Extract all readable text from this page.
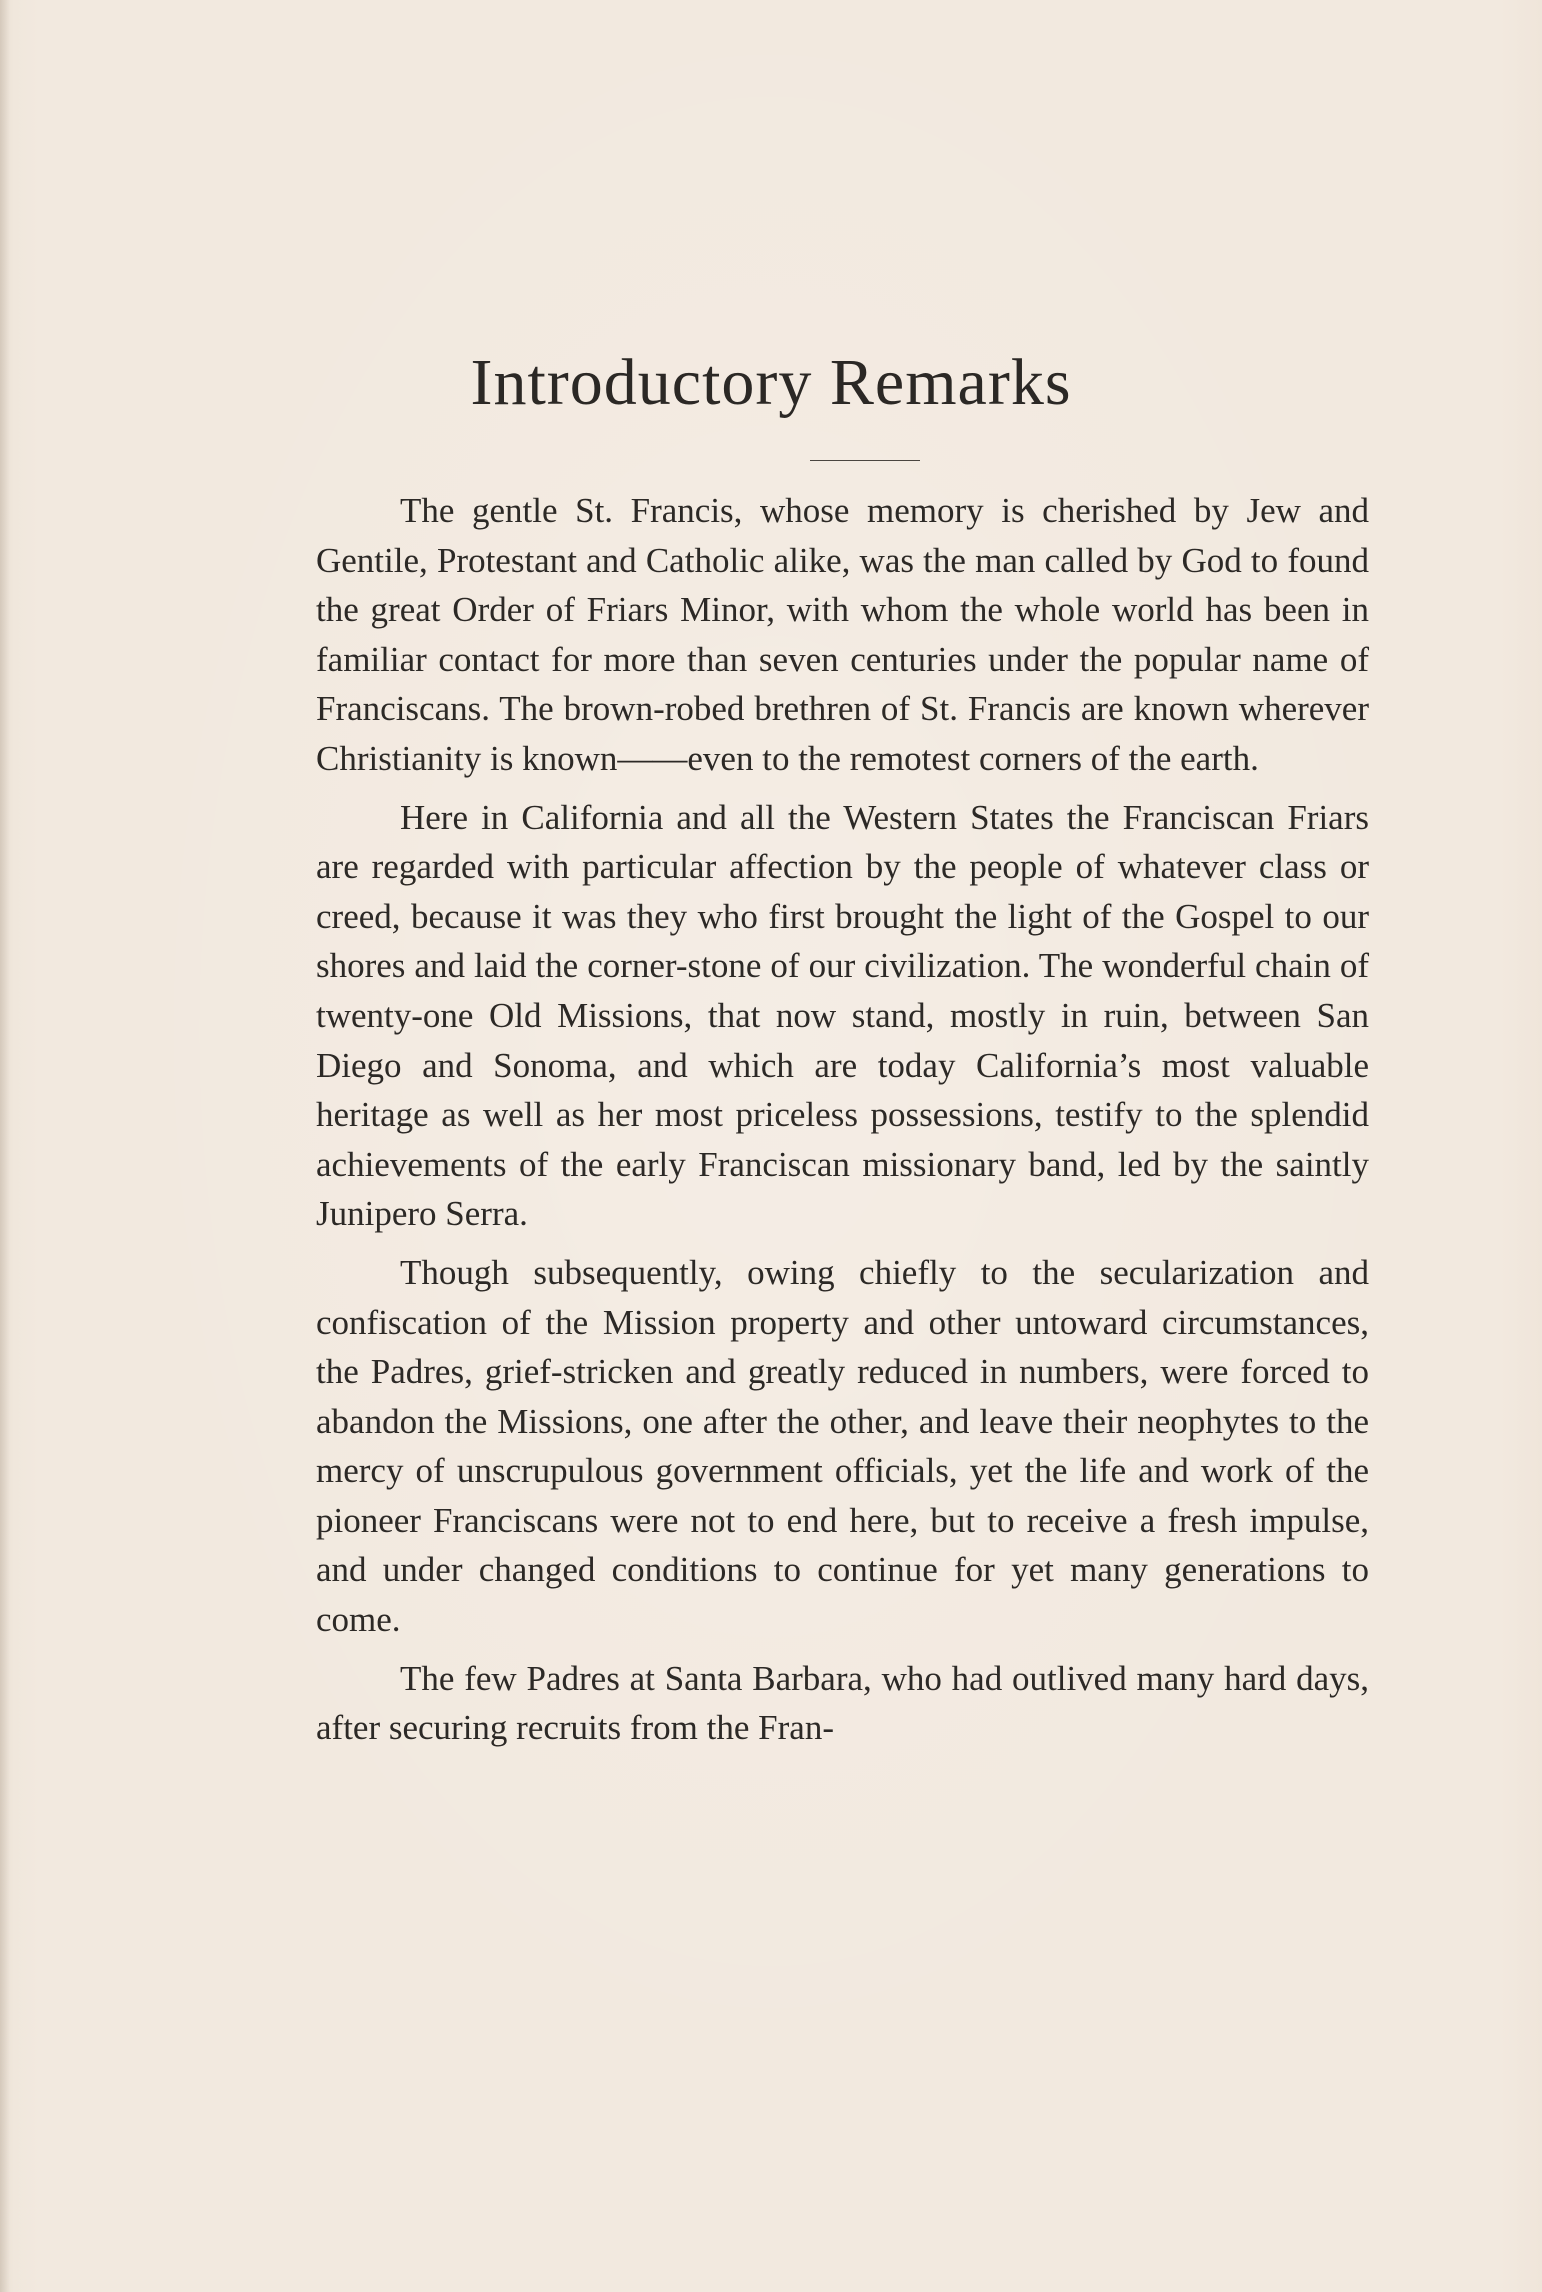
Introductory Remarks

The gentle St. Francis, whose memory is cherished by Jew and Gentile, Protestant and Catholic alike, was the man called by God to found the great Order of Friars Minor, with whom the whole world has been in familiar contact for more than seven centuries under the popular name of Franciscans. The brown-robed brethren of St. Francis are known wherever Christianity is known——even to the remotest corners of the earth.

Here in California and all the Western States the Franciscan Friars are regarded with particular affection by the people of whatever class or creed, because it was they who first brought the light of the Gospel to our shores and laid the corner-stone of our civilization. The wonderful chain of twenty-one Old Missions, that now stand, mostly in ruin, between San Diego and Sonoma, and which are today California’s most valuable heritage as well as her most priceless possessions, testify to the splendid achievements of the early Franciscan missionary band, led by the saintly Junipero Serra.

Though subsequently, owing chiefly to the secularization and confiscation of the Mission property and other untoward circumstances, the Padres, grief-stricken and greatly reduced in numbers, were forced to abandon the Missions, one after the other, and leave their neophytes to the mercy of unscrupulous government officials, yet the life and work of the pioneer Franciscans were not to end here, but to receive a fresh impulse, and under changed conditions to continue for yet many generations to come.

The few Padres at Santa Barbara, who had outlived many hard days, after securing recruits from the Fran-
